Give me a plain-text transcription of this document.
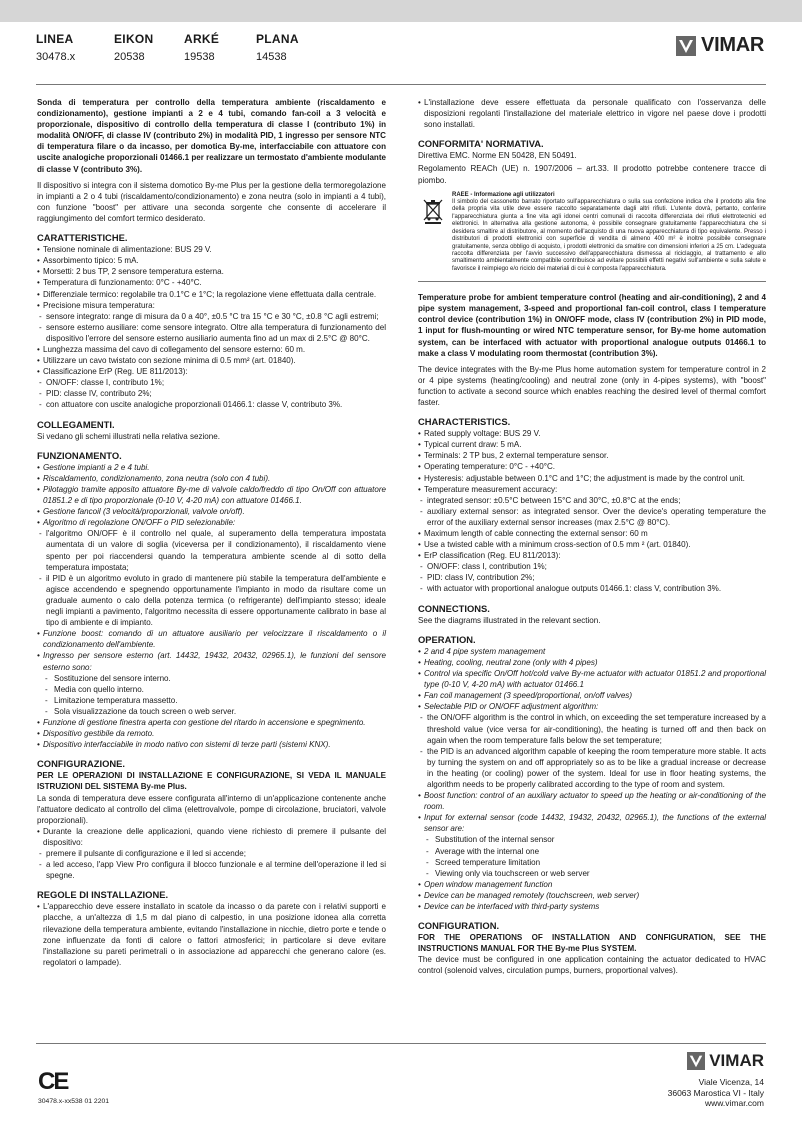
LINEA
30478.x
EIKON
20538
ARKÉ
19538
PLANA
14538
VIMAR

Sonda di temperatura per controllo della temperatura ambiente (riscaldamento e condizionamento), gestione impianti a 2 e 4 tubi, comando fan-coil a 3 velocità e proporzionale, dispositivo di controllo della temperatura di classe I (contributo 1%) in modalità ON/OFF, di classe IV (contributo 2%) in modalità PID, 1 ingresso per sensore NTC di temperatura filare o da incasso, per domotica By-me, interfacciabile con attuatore con uscite analogiche proporzionali 01466.1 per realizzare un termostato d'ambiente modulante di classe V (contributo 3%).

Il dispositivo si integra con il sistema domotico By-me Plus per la gestione della termoregolazione in impianti a 2 o 4 tubi (riscaldamento/condizionamento) e zona neutra (solo in impianti a 4 tubi), con funzione "boost" per attivare una seconda sorgente che consente di accelerare il raggiungimento del comfort termico desiderato.

CARATTERISTICHE.
• Tensione nominale di alimentazione: BUS 29 V.
• Assorbimento tipico: 5 mA.
• Morsetti: 2 bus TP, 2 sensore temperatura esterna.
• Temperatura di funzionamento: 0°C - +40°C.
• Differenziale termico: regolabile tra 0.1°C e 1°C; la regolazione viene effettuata dalla centrale.
• Precisione misura temperatura:
- sensore integrato: range di misura da 0 a 40°, ±0.5 °C tra 15 °C e 30 °C, ±0.8 °C agli estremi;
- sensore esterno ausiliare: come sensore integrato. Oltre alla temperatura di funzionamento del dispositivo l'errore del sensore esterno ausiliario aumenta fino ad un max di 2.5°C @ 80°C.
• Lunghezza massima del cavo di collegamento del sensore esterno: 60 m.
• Utilizzare un cavo twistato con sezione minima di 0.5 mm² (art. 01840).
• Classificazione ErP (Reg. UE 811/2013):
- ON/OFF: classe I, contributo 1%;
- PID: classe IV, contributo 2%;
- con attuatore con uscite analogiche proporzionali 01466.1: classe V, contributo 3%.
COLLEGAMENTI.

Si vedano gli schemi illustrati nella relativa sezione.

FUNZIONAMENTO.
• Gestione impianti a 2 e 4 tubi.
• Riscaldamento, condizionamento, zona neutra (solo con 4 tubi).
• Pilotaggio tramite apposito attuatore By-me di valvole caldo/freddo di tipo On/Off con attuatore 01851.2 e di tipo proporzionale (0-10 V, 4-20 mA) con attuatore 01466.1.
• Gestione fancoil (3 velocità/proporzionali, valvole on/off).
• Algoritmo di regolazione ON/OFF o PID selezionabile:
- l'algoritmo ON/OFF è il controllo nel quale, al superamento della temperatura impostata aumentata di un valore di soglia (viceversa per il condizionamento), il riscaldamento viene spento per poi riaccendersi quando la temperatura ambiente scende al di sotto della temperatura impostata;
- il PID è un algoritmo evoluto in grado di mantenere più stabile la temperatura dell'ambiente e agisce accendendo e spegnendo opportunamente l'impianto in modo da risultare come un graduale aumento o calo della potenza termica (o refrigerante) dell'impianto stesso; ideale negli impianti a pavimento, l'algoritmo necessita di essere opportunamente calibrato in base al tipo di ambiente e di impianto.
• Funzione boost: comando di un attuatore ausiliario per velocizzare il riscaldamento o il condizionamento dell'ambiente.
• Ingresso per sensore esterno (art. 14432, 19432, 20432, 02965.1), le funzioni del sensore esterno sono:
- Sostituzione del sensore interno.
- Media con quello interno.
- Limitazione temperatura massetto.
- Sola visualizzazione da touch screen o web server.
• Funzione di gestione finestra aperta con gestione del ritardo in accensione e spegnimento.
• Dispositivo gestibile da remoto.
• Dispositivo interfacciabile in modo nativo con sistemi di terze parti (sistemi KNX).
CONFIGURAZIONE.

PER LE OPERAZIONI DI INSTALLAZIONE E CONFIGURAZIONE, SI VEDA IL MANUALE ISTRUZIONI DEL SISTEMA By-me Plus.

La sonda di temperatura deve essere configurata all'interno di un'applicazione contenente anche l'attuatore dedicato al controllo del clima (elettrovalvole, pompe di circolazione, bruciatori, valvole proporzionali).

• Durante la creazione delle applicazioni, quando viene richiesto di premere il pulsante del dispositivo:
- premere il pulsante di configurazione e il led si accende;
- a led acceso, l'app View Pro configura il blocco funzionale e al termine dell'operazione il led si spegne.
REGOLE DI INSTALLAZIONE.
• L'apparecchio deve essere installato in scatole da incasso o da parete con i relativi supporti e placche, a un'altezza di 1,5 m dal piano di calpestio, in una posizione idonea alla corretta rilevazione della temperatura ambiente, evitando l'installazione in nicchie, dietro porte e tende o zone influenzate da fonti di calore o fattori atmosferici; in particolare si deve evitare l'installazione su pareti perimetrali o in associazione ad apparecchi che generano calore (es. regolatori o lampade).
• L'installazione deve essere effettuata da personale qualificato con l'osservanza delle disposizioni regolanti l'installazione del materiale elettrico in vigore nel paese dove i prodotti sono installati.
CONFORMITA' NORMATIVA.

Direttiva EMC. Norme EN 50428, EN 50491.

Regolamento REACh (UE) n. 1907/2006 – art.33. Il prodotto potrebbe contenere tracce di piombo.

RAEE - Informazione agli utilizzatori
Il simbolo del cassonetto barrato riportato sull'apparecchiatura o sulla sua confezione indica che il prodotto alla fine della propria vita utile deve essere raccolto separatamente dagli altri rifiuti. L'utente dovrà, pertanto, conferire l'apparecchiatura giunta a fine vita agli idonei centri comunali di raccolta differenziata dei rifiuti elettrotecnici ed elettronici. In alternativa alla gestione autonoma, è possibile consegnare gratuitamente l'apparecchiatura che si desidera smaltire al distributore, al momento dell'acquisto di una nuova apparecchiatura di tipo equivalente. Presso i distributori di prodotti elettronici con superficie di vendita di almeno 400 m² è inoltre possibile consegnare gratuitamente, senza obbligo di acquisto, i prodotti elettronici da smaltire con dimensioni inferiori a 25 cm. L'adeguata raccolta differenziata per l'avvio successivo dell'apparecchiatura dismessa al riciclaggio, al trattamento e allo smaltimento ambientalmente compatibile contribuisce ad evitare possibili effetti negativi sull'ambiente e sulla salute e favorisce il reimpiego e/o riciclo dei materiali di cui è composta l'apparecchiatura.

Temperature probe for ambient temperature control (heating and air-conditioning), 2 and 4 pipe system management, 3-speed and proportional fan-coil control, class I temperature control device (contribution 1%) in ON/OFF mode, class IV (contribution 2%) in PID mode, 1 input for flush-mounting or wired NTC temperature sensor, for By-me home automation system, can be interfaced with actuator with proportional analogue outputs 01466.1 to make a class V modulating room thermostat (contribution 3%).

The device integrates with the By-me Plus home automation system for temperature control in 2 or 4 pipe systems (heating/cooling) and neutral zone (only in 4-pipes systems), with "boost" function to activate a second source which enables reaching the desired level of thermal comfort faster.

CHARACTERISTICS.
• Rated supply voltage: BUS 29 V.
• Typical current draw: 5 mA.
• Terminals: 2 TP bus, 2 external temperature sensor.
• Operating temperature: 0°C - +40°C.
• Hysteresis: adjustable between 0.1°C and 1°C; the adjustment is made by the control unit.
• Temperature measurement accuracy:
- integrated sensor: ±0.5°C between 15°C and 30°C, ±0.8°C at the ends;
- auxiliary external sensor: as integrated sensor. Over the device's operating temperature the error of the auxiliary external sensor increases (max 2.5°C @ 80°C).
• Maximum length of cable connecting the external sensor: 60 m
• Use a twisted cable with a minimum cross-section of 0.5 mm ² (art. 01840).
• ErP classification (Reg. EU 811/2013):
- ON/OFF: class I, contribution 1%;
- PID: class IV, contribution 2%;
- with actuator with proportional analogue outputs 01466.1: class V, contribution 3%.
CONNECTIONS.

See the diagrams illustrated in the relevant section.

OPERATION.
• 2 and 4 pipe system management
• Heating, cooling, neutral zone (only with 4 pipes)
• Control via specific On/Off hot/cold valve By-me actuator with actuator 01851.2 and proportional type (0-10 V, 4-20 mA) with actuator 01466.1
• Fan coil management (3 speed/proportional, on/off valves)
• Selectable PID or ON/OFF adjustment algorithm:
- the ON/OFF algorithm is the control in which, on exceeding the set temperature increased by a threshold value (vice versa for air-conditioning), the heating is turned off and then back on again when the room temperature falls below the set temperature;
- the PID is an advanced algorithm capable of keeping the room temperature more stable. It acts by turning the system on and off appropriately so as to be like a gradual increase or decrease in the heating (or cooling) power of the system. Ideal for use in floor heating systems, the algorithm needs to be properly calibrated according to the type of room and system.
• Boost function: control of an auxiliary actuator to speed up the heating or air-conditioning of the room.
• Input for external sensor (code 14432, 19432, 20432, 02965.1), the functions of the external sensor are:
- Substitution of the internal sensor
- Average with the internal one
- Screed temperature limitation
- Viewing only via touchscreen or web server
• Open window management function
• Device can be managed remotely (touchscreen, web server)
• Device can be interfaced with third-party systems
CONFIGURATION.

FOR THE OPERATIONS OF INSTALLATION AND CONFIGURATION, SEE THE INSTRUCTIONS MANUAL FOR THE By-me Plus SYSTEM.

The device must be configured in one application containing the actuator dedicated to HVAC control (solenoid valves, circulation pumps, burners, proportional valves).

CE
30478.x-xx538 01 2201
VIMAR
Viale Vicenza, 14
36063 Marostica VI - Italy
www.vimar.com
